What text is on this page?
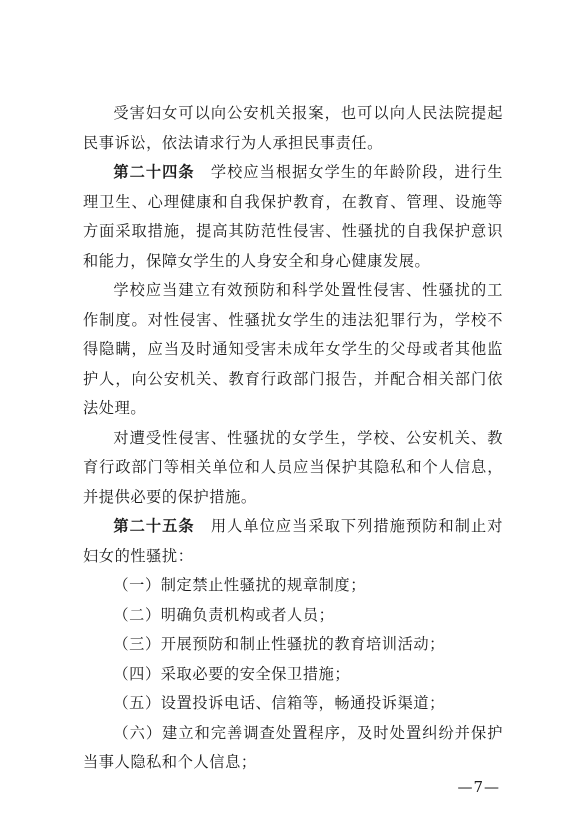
受害妇女可以向公安机关报案，也可以向人民法院提起民事诉讼，依法请求行为人承担民事责任。

第二十四条　学校应当根据女学生的年龄阶段，进行生理卫生、心理健康和自我保护教育，在教育、管理、设施等方面采取措施，提高其防范性侵害、性骚扰的自我保护意识和能力，保障女学生的人身安全和身心健康发展。

学校应当建立有效预防和科学处置性侵害、性骚扰的工作制度。对性侵害、性骚扰女学生的违法犯罪行为，学校不得隐瞒，应当及时通知受害未成年女学生的父母或者其他监护人，向公安机关、教育行政部门报告，并配合相关部门依法处理。

对遭受性侵害、性骚扰的女学生，学校、公安机关、教育行政部门等相关单位和人员应当保护其隐私和个人信息，并提供必要的保护措施。

第二十五条　用人单位应当采取下列措施预防和制止对妇女的性骚扰：

（一）制定禁止性骚扰的规章制度；

（二）明确负责机构或者人员；

（三）开展预防和制止性骚扰的教育培训活动；

（四）采取必要的安全保卫措施；

（五）设置投诉电话、信箱等，畅通投诉渠道；

（六）建立和完善调查处置程序，及时处置纠纷并保护当事人隐私和个人信息；

—7—
